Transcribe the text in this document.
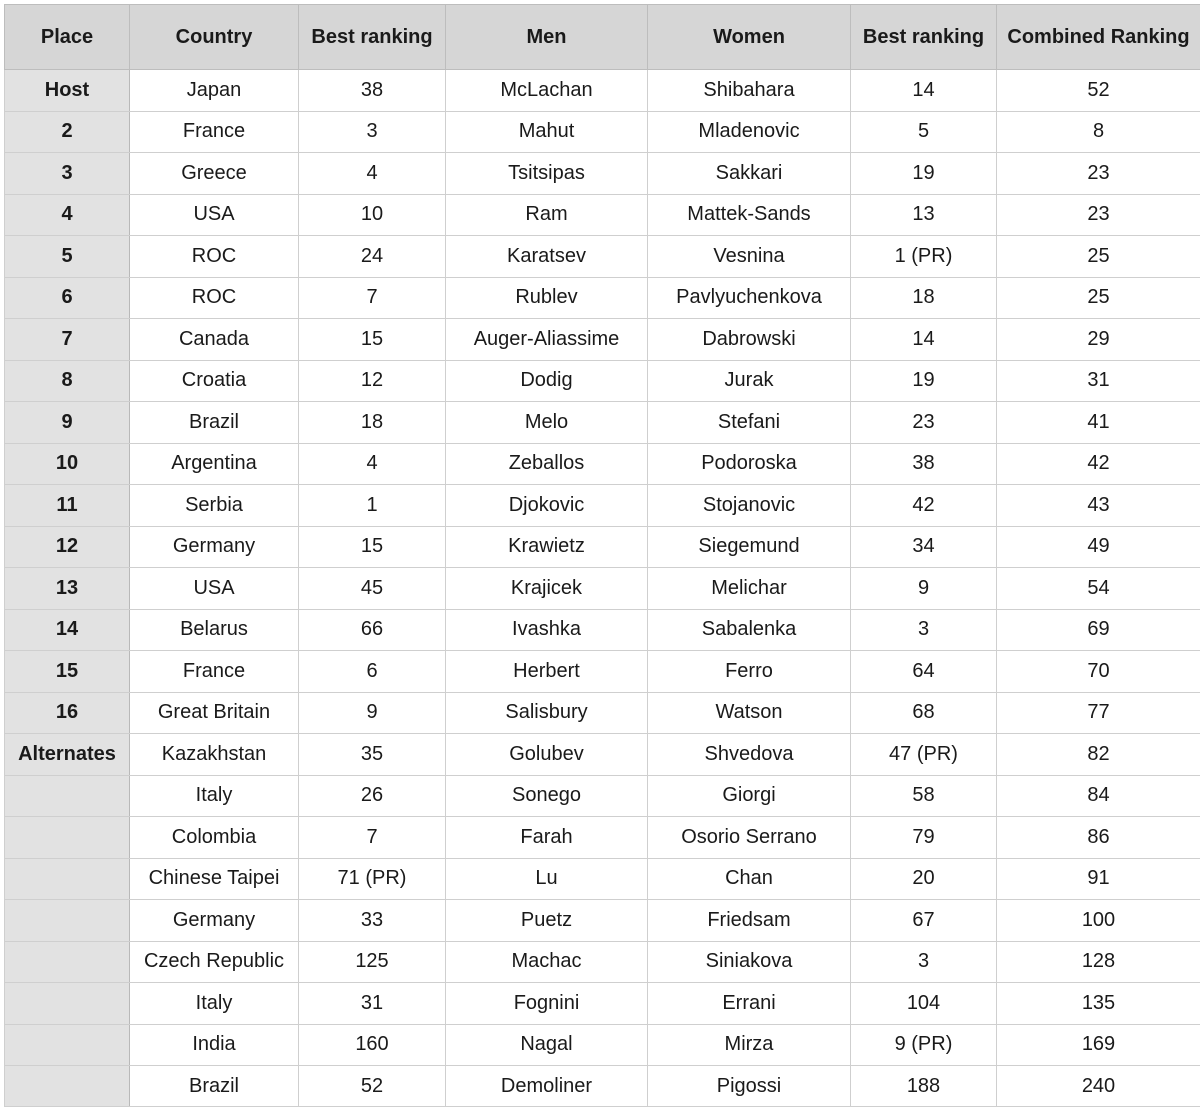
Place	Country	Best ranking	Men	Women	Best ranking	Combined Ranking
Host	Japan	38	McLachan	Shibahara	14	52
2	France	3	Mahut	Mladenovic	5	8
3	Greece	4	Tsitsipas	Sakkari	19	23
4	USA	10	Ram	Mattek-Sands	13	23
5	ROC	24	Karatsev	Vesnina	1 (PR)	25
6	ROC	7	Rublev	Pavlyuchenkova	18	25
7	Canada	15	Auger-Aliassime	Dabrowski	14	29
8	Croatia	12	Dodig	Jurak	19	31
9	Brazil	18	Melo	Stefani	23	41
10	Argentina	4	Zeballos	Podoroska	38	42
11	Serbia	1	Djokovic	Stojanovic	42	43
12	Germany	15	Krawietz	Siegemund	34	49
13	USA	45	Krajicek	Melichar	9	54
14	Belarus	66	Ivashka	Sabalenka	3	69
15	France	6	Herbert	Ferro	64	70
16	Great Britain	9	Salisbury	Watson	68	77
Alternates	Kazakhstan	35	Golubev	Shvedova	47 (PR)	82
	Italy	26	Sonego	Giorgi	58	84
	Colombia	7	Farah	Osorio Serrano	79	86
	Chinese Taipei	71 (PR)	Lu	Chan	20	91
	Germany	33	Puetz	Friedsam	67	100
	Czech Republic	125	Machac	Siniakova	3	128
	Italy	31	Fognini	Errani	104	135
	India	160	Nagal	Mirza	9 (PR)	169
	Brazil	52	Demoliner	Pigossi	188	240
